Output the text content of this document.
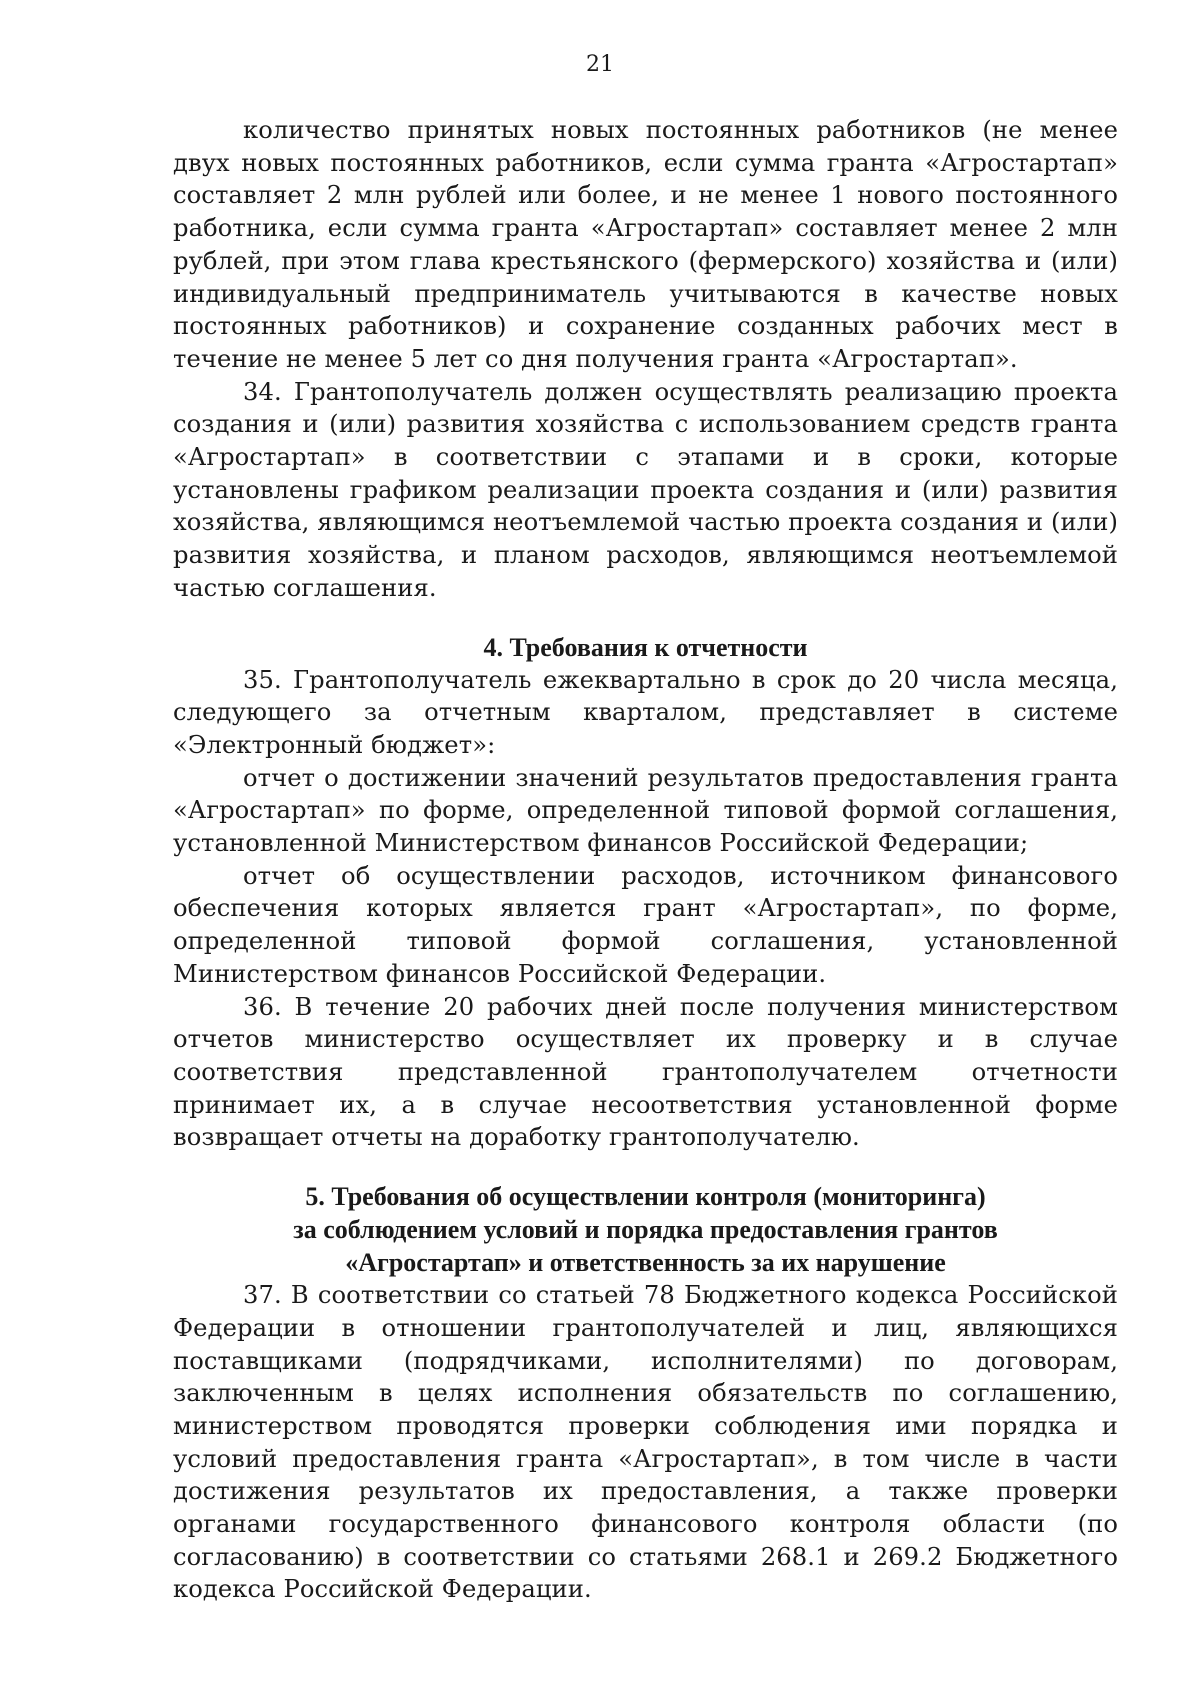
21

количество принятых новых постоянных работников (не менее двух новых постоянных работников, если сумма гранта «Агростартап» составляет 2 млн рублей или более, и не менее 1 нового постоянного работника, если сумма гранта «Агростартап» составляет менее 2 млн рублей, при этом глава крестьянского (фермерского) хозяйства и (или) индивидуальный предприниматель учитываются в качестве новых постоянных работников) и сохранение созданных рабочих мест в течение не менее 5 лет со дня получения гранта «Агростартап».

34. Грантополучатель должен осуществлять реализацию проекта создания и (или) развития хозяйства с использованием средств гранта «Агростартап» в соответствии с этапами и в сроки, которые установлены графиком реализации проекта создания и (или) развития хозяйства, являющимся неотъемлемой частью проекта создания и (или) развития хозяйства, и планом расходов, являющимся неотъемлемой частью соглашения.

4. Требования к отчетности

35. Грантополучатель ежеквартально в срок до 20 числа месяца, следующего за отчетным кварталом, представляет в системе «Электронный бюджет»:

отчет о достижении значений результатов предоставления гранта «Агростартап» по форме, определенной типовой формой соглашения, установленной Министерством финансов Российской Федерации;

отчет об осуществлении расходов, источником финансового обеспечения которых является грант «Агростартап», по форме, определенной типовой формой соглашения, установленной Министерством финансов Российской Федерации.

36. В течение 20 рабочих дней после получения министерством отчетов министерство осуществляет их проверку и в случае соответствия представленной грантополучателем отчетности принимает их, а в случае несоответствия установленной форме возвращает отчеты на доработку грантополучателю.

5. Требования об осуществлении контроля (мониторинга)
за соблюдением условий и порядка предоставления грантов
«Агростартап» и ответственность за их нарушение

37. В соответствии со статьей 78 Бюджетного кодекса Российской Федерации в отношении грантополучателей и лиц, являющихся поставщиками (подрядчиками, исполнителями) по договорам, заключенным в целях исполнения обязательств по соглашению, министерством проводятся проверки соблюдения ими порядка и условий предоставления гранта «Агростартап», в том числе в части достижения результатов их предоставления, а также проверки органами государственного финансового контроля области (по согласованию) в соответствии со статьями 268.1 и 269.2 Бюджетного кодекса Российской Федерации.
